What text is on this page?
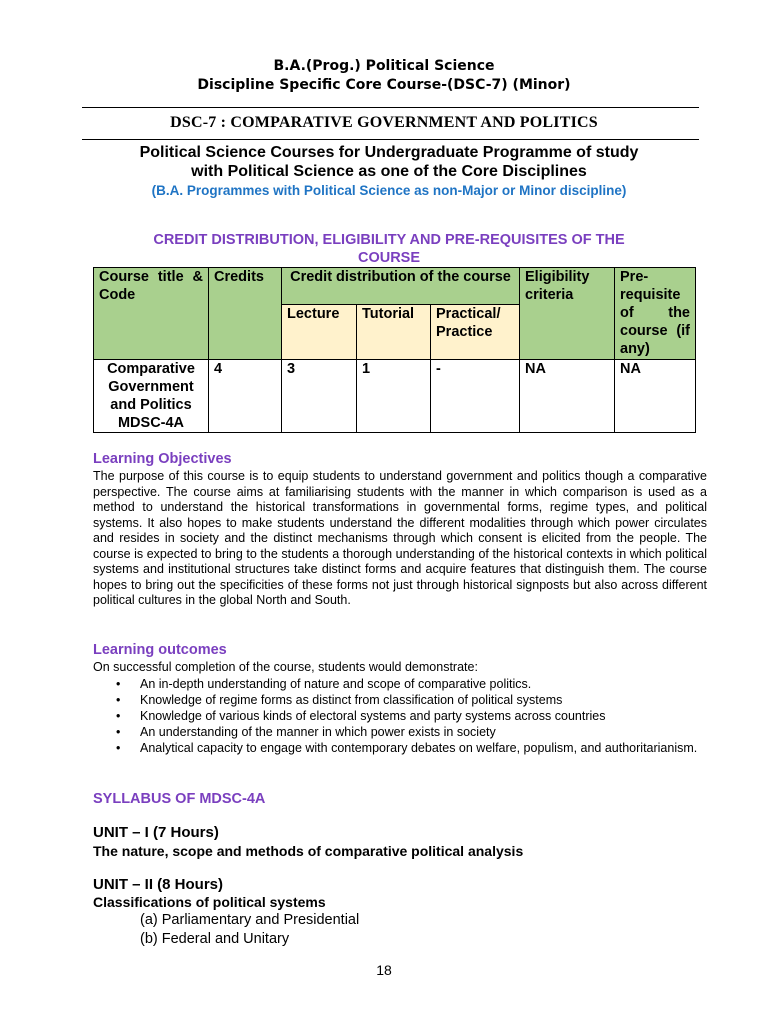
B.A.(Prog.) Political Science
Discipline Specific Core Course-(DSC-7) (Minor)
DSC-7 : COMPARATIVE GOVERNMENT AND POLITICS
Political Science Courses for Undergraduate Programme of study
with Political Science as one of the Core Disciplines
(B.A. Programmes with Political Science as non-Major or Minor discipline)
CREDIT DISTRIBUTION, ELIGIBILITY AND PRE-REQUISITES OF THE
COURSE
Course title & Code	Credits	Credit distribution of the course			Eligibility criteria	Pre-requisite of the course (if any)
		Lecture	Tutorial	Practical/ Practice		
Comparative Government and Politics MDSC-4A	4	3	1	-	NA	NA
Learning Objectives
The purpose of this course is to equip students to understand government and politics though a comparative perspective. The course aims at familiarising students with the manner in which comparison is used as a method to understand the historical transformations in governmental forms, regime types, and political systems. It also hopes to make students understand the different modalities through which power circulates and resides in society and the distinct mechanisms through which consent is elicited from the people. The course is expected to bring to the students a thorough understanding of the historical contexts in which political systems and institutional structures take distinct forms and acquire features that distinguish them. The course hopes to bring out the specificities of these forms not just through historical signposts but also across different political cultures in the global North and South.
Learning outcomes
On successful completion of the course, students would demonstrate:
• An in-depth understanding of nature and scope of comparative politics.
• Knowledge of regime forms as distinct from classification of political systems
• Knowledge of various kinds of electoral systems and party systems across countries
• An understanding of the manner in which power exists in society
• Analytical capacity to engage with contemporary debates on welfare, populism, and authoritarianism.
SYLLABUS OF MDSC-4A
UNIT – I (7 Hours)
The nature, scope and methods of comparative political analysis
UNIT – II (8 Hours)
Classifications of political systems
(a) Parliamentary and Presidential
(b) Federal and Unitary
18
